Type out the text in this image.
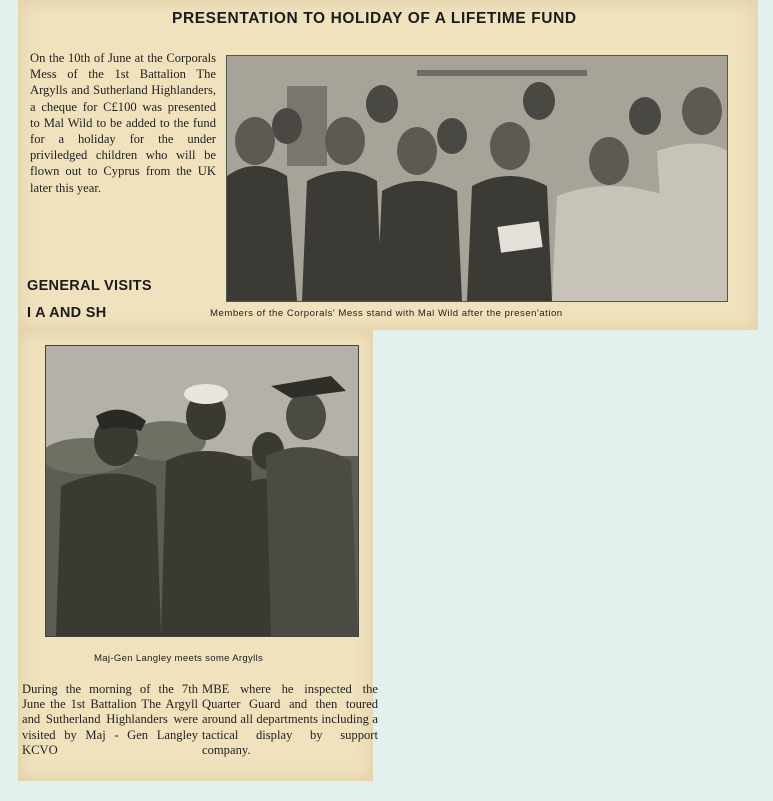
PRESENTATION TO HOLIDAY OF A LIFETIME FUND

On the 10th of June at the Corporals Mess of the 1st Battalion The Argylls and Sutherland Highlanders, a cheque for C£100 was presented to Mal Wild to be added to the fund for a holiday for the under priviledged children who will be flown out to Cyprus from the UK later this year.

Members of the Corporals' Mess stand with Mal Wild after the presen'ation

GENERAL VISITS
I A AND SH

Maj-Gen Langley meets some Argylls

During the morning of the 7th June the 1st Battalion The Argyll and Sutherland Highlanders were visited by Maj - Gen Langley KCVO

MBE where he inspected the Quarter Guard and then toured around all departments including a tactical display by support company.
